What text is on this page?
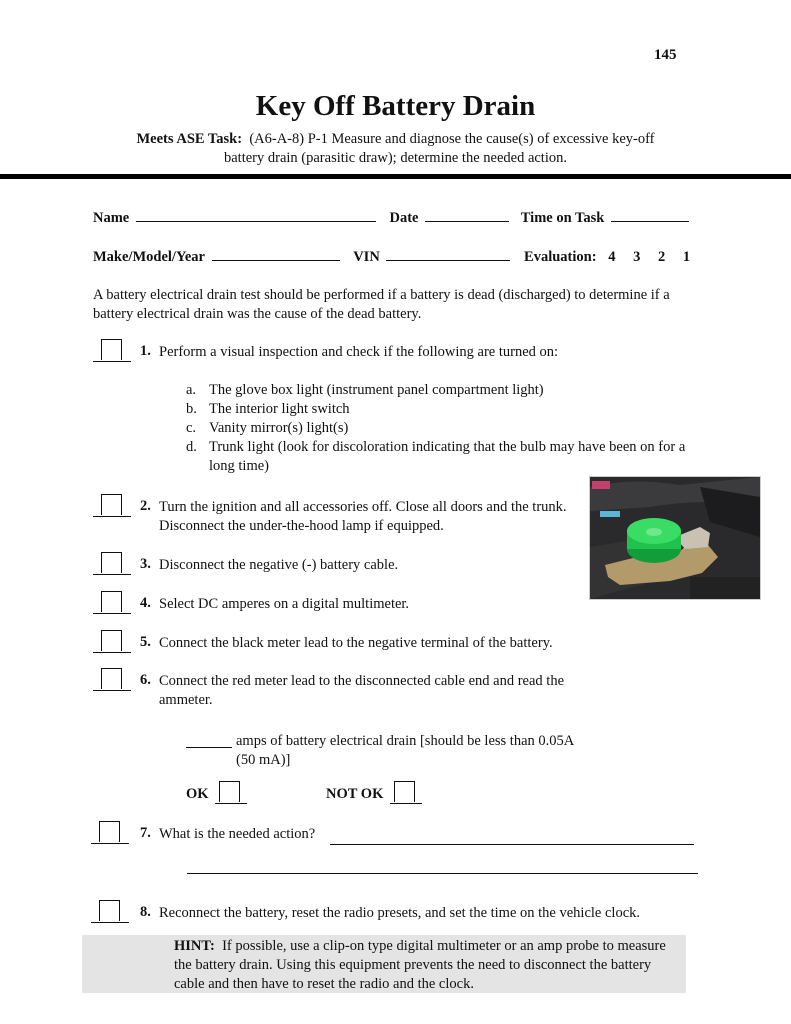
145
Key Off Battery Drain
Meets ASE Task: (A6-A-8) P-1 Measure and diagnose the cause(s) of excessive key-off
battery drain (parasitic draw); determine the needed action.
Name	Date	Time on Task
Make/Model/Year	VIN	Evaluation: 4 3 2 1
A battery electrical drain test should be performed if a battery is dead (discharged) to determine if a battery electrical drain was the cause of the dead battery.
1. Perform a visual inspection and check if the following are turned on:
a. The glove box light (instrument panel compartment light)
b. The interior light switch
c. Vanity mirror(s) light(s)
d. Trunk light (look for discoloration indicating that the bulb may have been on for a long time)
2. Turn the ignition and all accessories off. Close all doors and the trunk. Disconnect the under-the-hood lamp if equipped.
3. Disconnect the negative (-) battery cable.
4. Select DC amperes on a digital multimeter.
5. Connect the black meter lead to the negative terminal of the battery.
6. Connect the red meter lead to the disconnected cable end and read the ammeter.
amps of battery electrical drain [should be less than 0.05A (50 mA)]
OK	NOT OK
7. What is the needed action?
8. Reconnect the battery, reset the radio presets, and set the time on the vehicle clock.
HINT: If possible, use a clip-on type digital multimeter or an amp probe to measure the battery drain. Using this equipment prevents the need to disconnect the battery cable and then have to reset the radio and the clock.
